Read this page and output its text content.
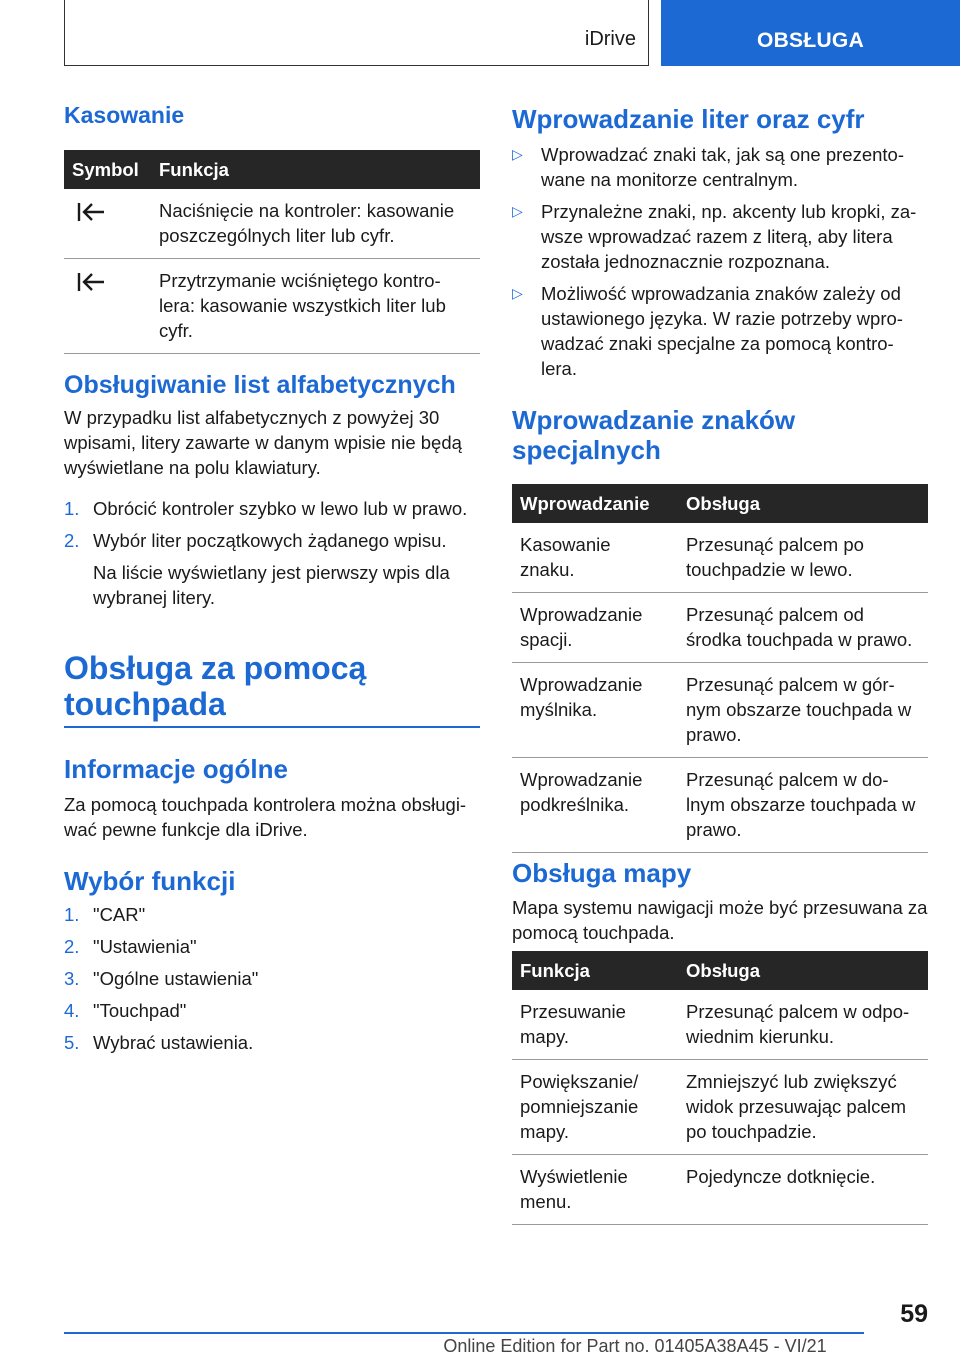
iDrive	OBSŁUGA
Kasowanie
Symbol	Funkcja
	Naciśnięcie na kontroler: kasowanie poszczególnych liter lub cyfr.
	Przytrzymanie wciśniętego kontro-lera: kasowanie wszystkich liter lub cyfr.
Obsługiwanie list alfabetycznych
W przypadku list alfabetycznych z powyżej 30 wpisami, litery zawarte w danym wpisie nie będą wyświetlane na polu klawiatury.
1. Obrócić kontroler szybko w lewo lub w prawo.
2. Wybór liter początkowych żądanego wpisu.
Na liście wyświetlany jest pierwszy wpis dla wybranej litery.
Obsługa za pomocą touchpada
Informacje ogólne
Za pomocą touchpada kontrolera można obsługi-wać pewne funkcje dla iDrive.
Wybór funkcji
1. "CAR"
2. "Ustawienia"
3. "Ogólne ustawienia"
4. "Touchpad"
5. Wybrać ustawienia.
Wprowadzanie liter oraz cyfr
▷ Wprowadzać znaki tak, jak są one prezento-wane na monitorze centralnym.
▷ Przynależne znaki, np. akcenty lub kropki, za-wsze wprowadzać razem z literą, aby litera została jednoznacznie rozpoznana.
▷ Możliwość wprowadzania znaków zależy od ustawionego języka. W razie potrzeby wpro-wadzać znaki specjalne za pomocą kontro-lera.
Wprowadzanie znaków specjalnych
Wprowadzanie	Obsługa
Kasowanie znaku.	Przesunąć palcem po touchpadzie w lewo.
Wprowadzanie spacji.	Przesunąć palcem od środka touchpada w prawo.
Wprowadzanie myślnika.	Przesunąć palcem w gór-nym obszarze touchpada w prawo.
Wprowadzanie podkreślnika.	Przesunąć palcem w do-lnym obszarze touchpada w prawo.
Obsługa mapy
Mapa systemu nawigacji może być przesuwana za pomocą touchpada.
Funkcja	Obsługa
Przesuwanie mapy.	Przesunąć palcem w odpo-wiednim kierunku.
Powiększanie/ pomniejszanie mapy.	Zmniejszyć lub zwiększyć widok przesuwając palcem po touchpadzie.
Wyświetlenie menu.	Pojedyncze dotknięcie.
59
Online Edition for Part no. 01405A38A45 - VI/21
